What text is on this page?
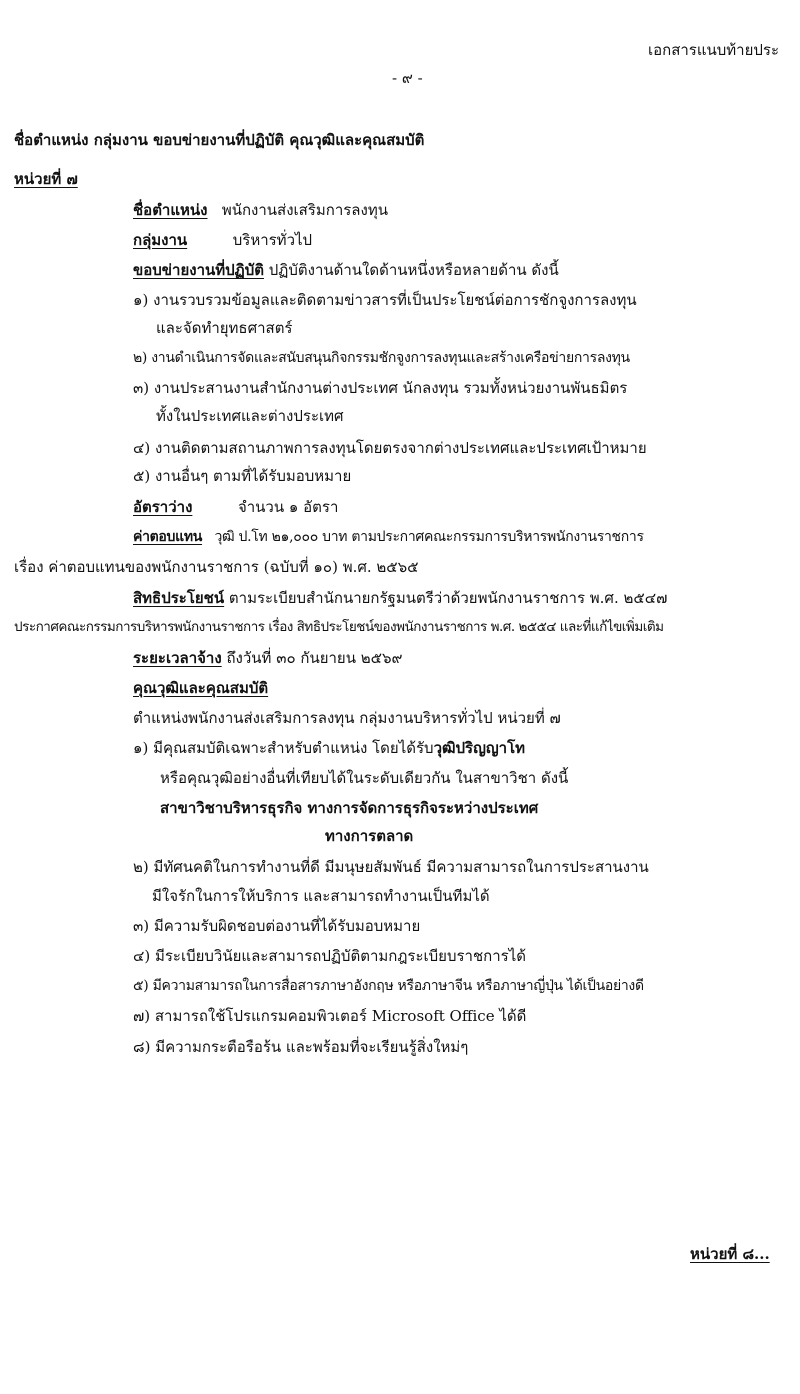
เอกสารแนบท้ายประ
- ๙ -
ชื่อตำแหน่ง กลุ่มงาน ขอบข่ายงานที่ปฏิบัติ คุณวุฒิและคุณสมบัติ
หน่วยที่ ๗
ชื่อตำแหน่ง พนักงานส่งเสริมการลงทุน
กลุ่มงาน	บริหารทั่วไป
ขอบข่ายงานที่ปฏิบัติ ปฏิบัติงานด้านใดด้านหนึ่งหรือหลายด้าน ดังนี้
๑) งานรวบรวมข้อมูลและติดตามข่าวสารที่เป็นประโยชน์ต่อการชักจูงการลงทุน
และจัดทำยุทธศาสตร์
๒) งานดำเนินการจัดและสนับสนุนกิจกรรมชักจูงการลงทุนและสร้างเครือข่ายการลงทุน
๓) งานประสานงานสำนักงานต่างประเทศ นักลงทุน รวมทั้งหน่วยงานพันธมิตร
ทั้งในประเทศและต่างประเทศ
๔) งานติดตามสถานภาพการลงทุนโดยตรงจากต่างประเทศและประเทศเป้าหมาย
๕) งานอื่นๆ ตามที่ได้รับมอบหมาย
อัตราว่าง	จำนวน ๑ อัตรา
ค่าตอบแทน วุฒิ ป.โท ๒๑,๐๐๐ บาท ตามประกาศคณะกรรมการบริหารพนักงานราชการ
เรื่อง ค่าตอบแทนของพนักงานราชการ (ฉบับที่ ๑๐) พ.ศ. ๒๕๖๕
สิทธิประโยชน์ ตามระเบียบสำนักนายกรัฐมนตรีว่าด้วยพนักงานราชการ พ.ศ. ๒๕๔๗
ประกาศคณะกรรมการบริหารพนักงานราชการ เรื่อง สิทธิประโยชน์ของพนักงานราชการ พ.ศ. ๒๕๕๔ และที่แก้ไขเพิ่มเติม
ระยะเวลาจ้าง ถึงวันที่ ๓๐ กันยายน ๒๕๖๙
คุณวุฒิและคุณสมบัติ
ตำแหน่งพนักงานส่งเสริมการลงทุน กลุ่มงานบริหารทั่วไป หน่วยที่ ๗
๑) มีคุณสมบัติเฉพาะสำหรับตำแหน่ง โดยได้รับวุฒิปริญญาโท
หรือคุณวุฒิอย่างอื่นที่เทียบได้ในระดับเดียวกัน ในสาขาวิชา ดังนี้
สาขาวิชาบริหารธุรกิจ ทางการจัดการธุรกิจระหว่างประเทศ
ทางการตลาด
๒) มีทัศนคติในการทำงานที่ดี มีมนุษยสัมพันธ์ มีความสามารถในการประสานงาน
มีใจรักในการให้บริการ และสามารถทำงานเป็นทีมได้
๓) มีความรับผิดชอบต่องานที่ได้รับมอบหมาย
๔) มีระเบียบวินัยและสามารถปฏิบัติตามกฎระเบียบราชการได้
๕) มีความสามารถในการสื่อสารภาษาอังกฤษ หรือภาษาจีน หรือภาษาญี่ปุ่น ได้เป็นอย่างดี
๗) สามารถใช้โปรแกรมคอมพิวเตอร์ Microsoft Office ได้ดี
๘) มีความกระตือรือร้น และพร้อมที่จะเรียนรู้สิ่งใหม่ๆ
หน่วยที่ ๘...
